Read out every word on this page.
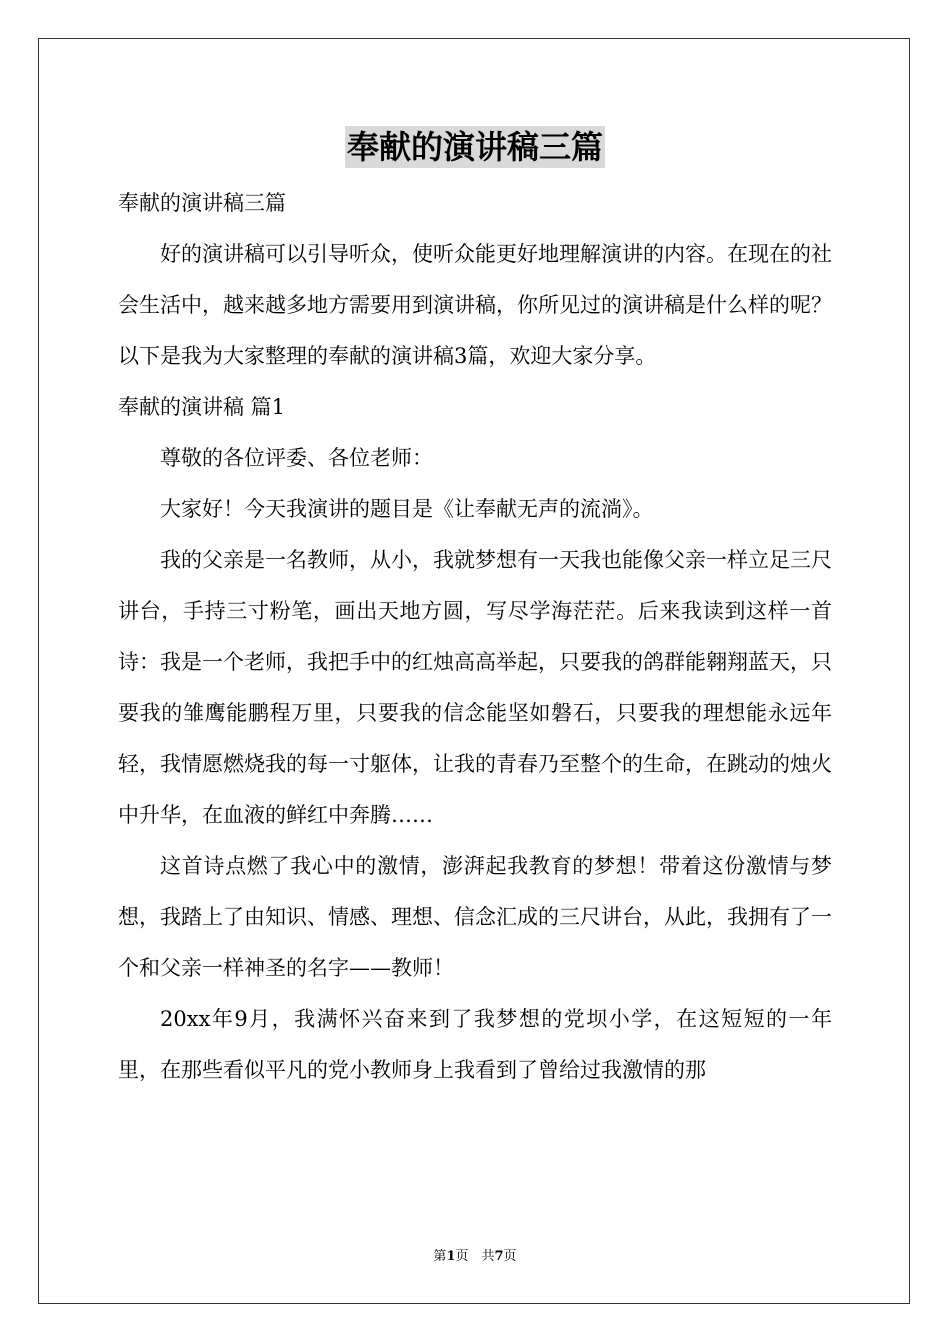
奉献的演讲稿三篇

奉献的演讲稿三篇

好的演讲稿可以引导听众，使听众能更好地理解演讲的内容。在现在的社会生活中，越来越多地方需要用到演讲稿，你所见过的演讲稿是什么样的呢？以下是我为大家整理的奉献的演讲稿3篇，欢迎大家分享。

奉献的演讲稿 篇1

尊敬的各位评委、各位老师：

大家好！今天我演讲的题目是《让奉献无声的流淌》。

我的父亲是一名教师，从小，我就梦想有一天我也能像父亲一样立足三尺讲台，手持三寸粉笔，画出天地方圆，写尽学海茫茫。后来我读到这样一首诗：我是一个老师，我把手中的红烛高高举起，只要我的鸽群能翱翔蓝天，只要我的雏鹰能鹏程万里，只要我的信念能坚如磐石，只要我的理想能永远年轻，我情愿燃烧我的每一寸躯体，让我的青春乃至整个的生命，在跳动的烛火中升华，在血液的鲜红中奔腾……

这首诗点燃了我心中的激情，澎湃起我教育的梦想！带着这份激情与梦想，我踏上了由知识、情感、理想、信念汇成的三尺讲台，从此，我拥有了一个和父亲一样神圣的名字——教师！

20xx年9月，我满怀兴奋来到了我梦想的党坝小学，在这短短的一年里，在那些看似平凡的党小教师身上我看到了曾给过我激情的那

第1页　共7页
